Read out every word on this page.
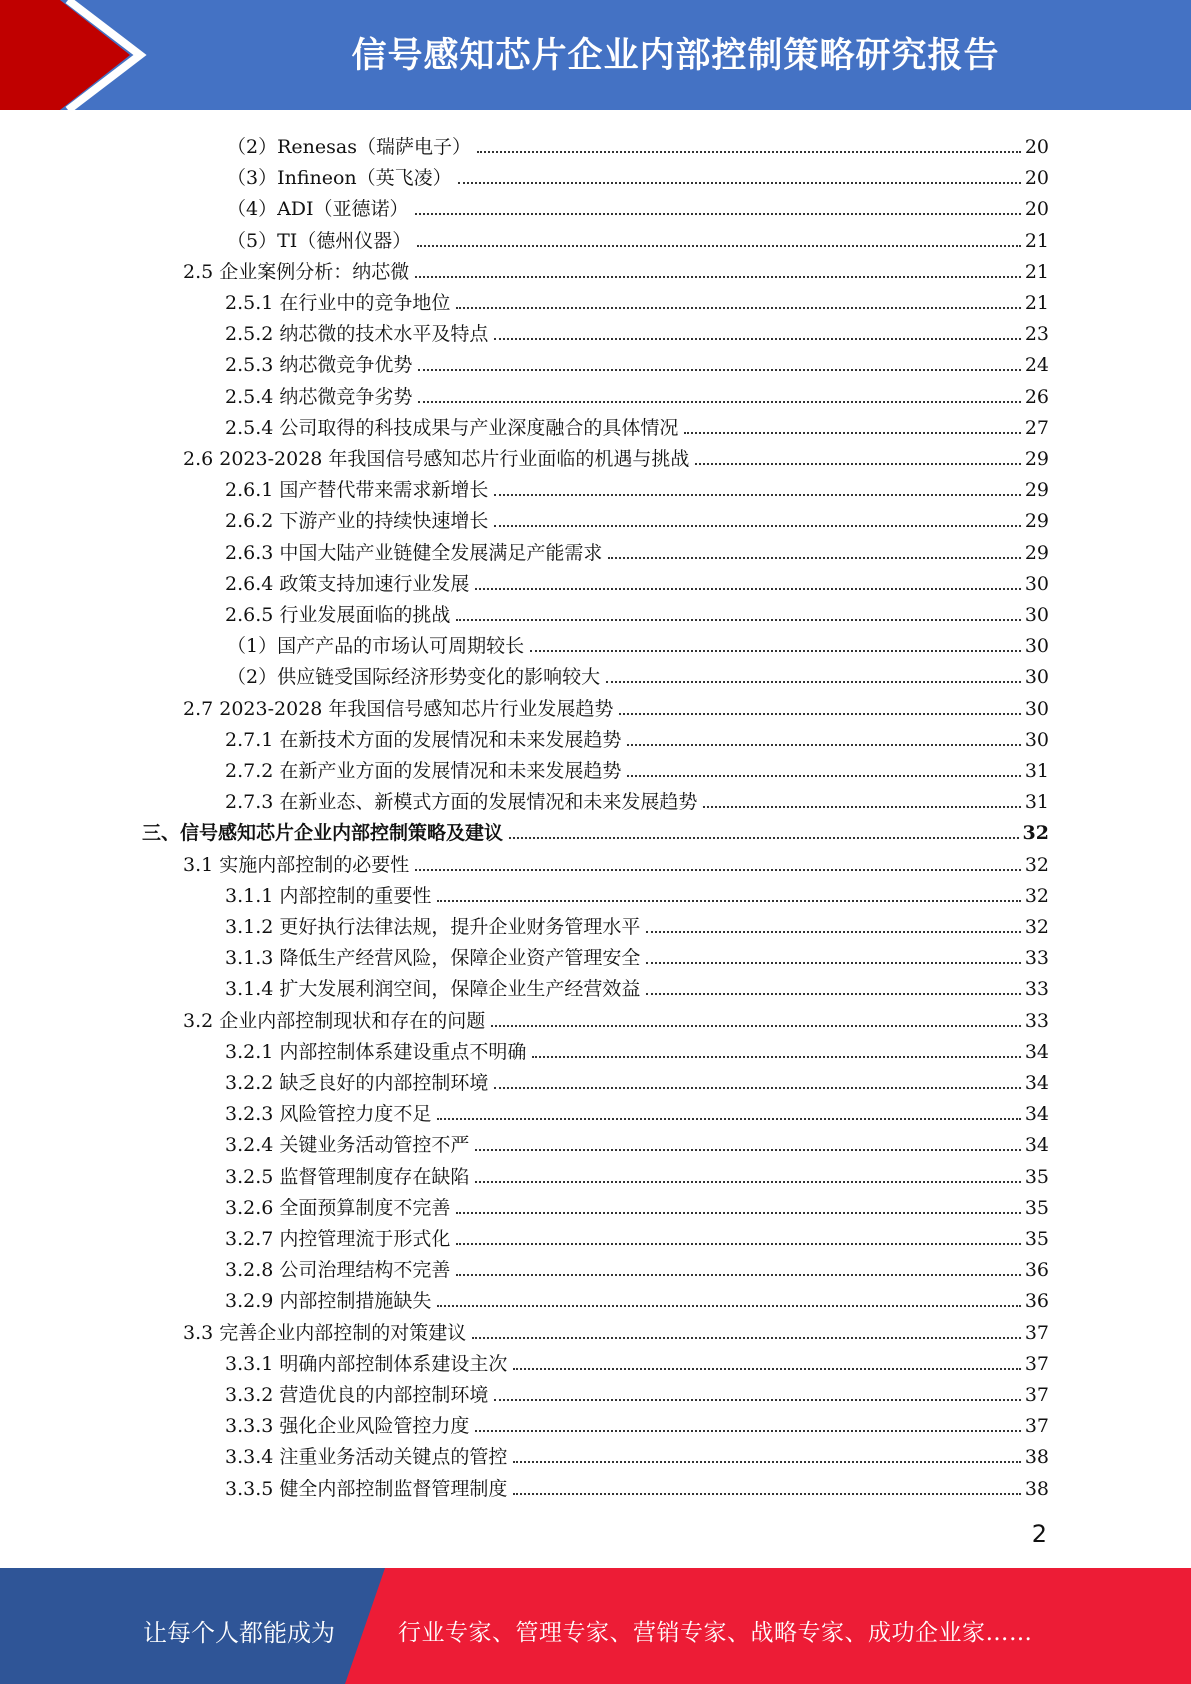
信号感知芯片企业内部控制策略研究报告
（2）Renesas（瑞萨电子）	20
（3）Infineon（英飞凌）	20
（4）ADI（亚德诺）	20
（5）TI（德州仪器）	21
2.5 企业案例分析：纳芯微	21
2.5.1 在行业中的竞争地位	21
2.5.2 纳芯微的技术水平及特点	23
2.5.3 纳芯微竞争优势	24
2.5.4 纳芯微竞争劣势	26
2.5.4 公司取得的科技成果与产业深度融合的具体情况	27
2.6 2023-2028 年我国信号感知芯片行业面临的机遇与挑战	29
2.6.1 国产替代带来需求新增长	29
2.6.2 下游产业的持续快速增长	29
2.6.3 中国大陆产业链健全发展满足产能需求	29
2.6.4 政策支持加速行业发展	30
2.6.5 行业发展面临的挑战	30
（1）国产产品的市场认可周期较长	30
（2）供应链受国际经济形势变化的影响较大	30
2.7 2023-2028 年我国信号感知芯片行业发展趋势	30
2.7.1 在新技术方面的发展情况和未来发展趋势	30
2.7.2 在新产业方面的发展情况和未来发展趋势	31
2.7.3 在新业态、新模式方面的发展情况和未来发展趋势	31
三、信号感知芯片企业内部控制策略及建议	32
3.1 实施内部控制的必要性	32
3.1.1 内部控制的重要性	32
3.1.2 更好执行法律法规，提升企业财务管理水平	32
3.1.3 降低生产经营风险，保障企业资产管理安全	33
3.1.4 扩大发展利润空间，保障企业生产经营效益	33
3.2 企业内部控制现状和存在的问题	33
3.2.1 内部控制体系建设重点不明确	34
3.2.2 缺乏良好的内部控制环境	34
3.2.3 风险管控力度不足	34
3.2.4 关键业务活动管控不严	34
3.2.5 监督管理制度存在缺陷	35
3.2.6 全面预算制度不完善	35
3.2.7 内控管理流于形式化	35
3.2.8 公司治理结构不完善	36
3.2.9 内部控制措施缺失	36
3.3 完善企业内部控制的对策建议	37
3.3.1 明确内部控制体系建设主次	37
3.3.2 营造优良的内部控制环境	37
3.3.3 强化企业风险管控力度	37
3.3.4 注重业务活动关键点的管控	38
3.3.5 健全内部控制监督管理制度	38
2
让每个人都能成为	行业专家、管理专家、营销专家、战略专家、成功企业家……
